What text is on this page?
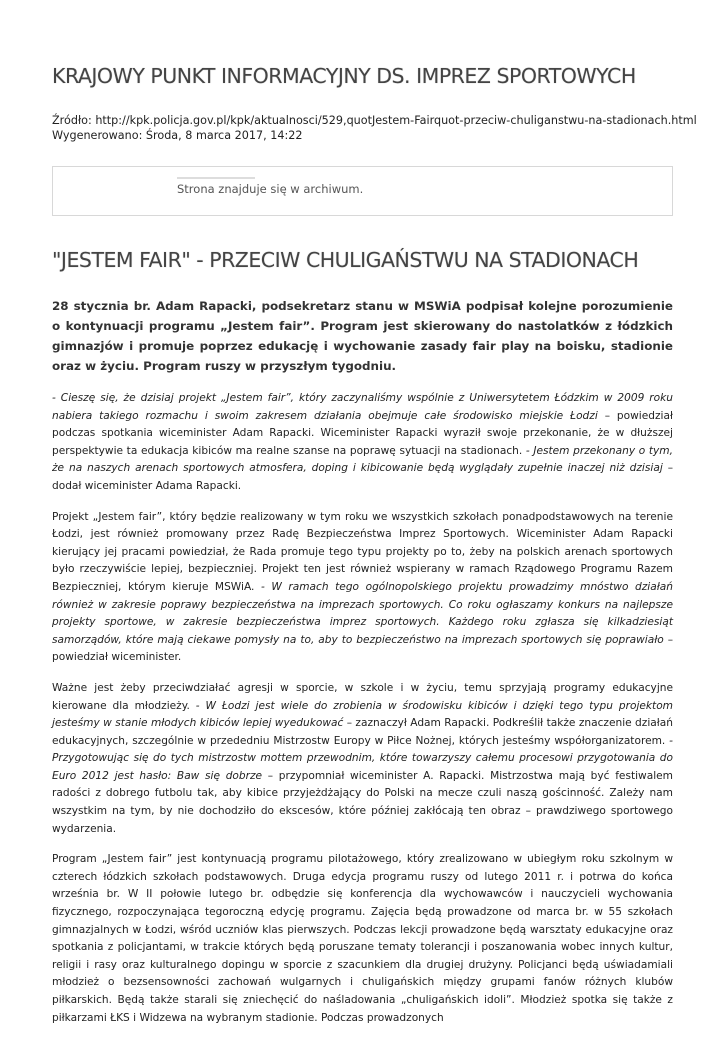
KRAJOWY PUNKT INFORMACYJNY DS. IMPREZ SPORTOWYCH
Źródło: http://kpk.policja.gov.pl/kpk/aktualnosci/529,quotJestem-Fairquot-przeciw-chuliganstwu-na-stadionach.html
Wygenerowano: Środa, 8 marca 2017, 14:22
Strona znajduje się w archiwum.
"JESTEM FAIR" - PRZECIW CHULIGAŃSTWU NA STADIONACH

28 stycznia br. Adam Rapacki, podsekretarz stanu w MSWiA podpisał kolejne porozumienie o kontynuacji programu „Jestem fair”. Program jest skierowany do nastolatków z łódzkich gimnazjów i promuje poprzez edukację i wychowanie zasady fair play na boisku, stadionie oraz w życiu. Program ruszy w przyszłym tygodniu.

- Cieszę się, że dzisiaj projekt „Jestem fair”, który zaczynaliśmy wspólnie z Uniwersytetem Łódzkim w 2009 roku nabiera takiego rozmachu i swoim zakresem działania obejmuje całe środowisko miejskie Łodzi – powiedział podczas spotkania wiceminister Adam Rapacki. Wiceminister Rapacki wyraził swoje przekonanie, że w dłuższej perspektywie ta edukacja kibiców ma realne szanse na poprawę sytuacji na stadionach. - Jestem przekonany o tym, że na naszych arenach sportowych atmosfera, doping i kibicowanie będą wyglądały zupełnie inaczej niż dzisiaj – dodał wiceminister Adama Rapacki.

Projekt „Jestem fair”, który będzie realizowany w tym roku we wszystkich szkołach ponadpodstawowych na terenie Łodzi, jest również promowany przez Radę Bezpieczeństwa Imprez Sportowych. Wiceminister Adam Rapacki kierujący jej pracami powiedział, że Rada promuje tego typu projekty po to, żeby na polskich arenach sportowych było rzeczywiście lepiej, bezpieczniej. Projekt ten jest również wspierany w ramach Rządowego Programu Razem Bezpieczniej, którym kieruje MSWiA. - W ramach tego ogólnopolskiego projektu prowadzimy mnóstwo działań również w zakresie poprawy bezpieczeństwa na imprezach sportowych. Co roku ogłaszamy konkurs na najlepsze projekty sportowe, w zakresie bezpieczeństwa imprez sportowych. Każdego roku zgłasza się kilkadziesiąt samorządów, które mają ciekawe pomysły na to, aby to bezpieczeństwo na imprezach sportowych się poprawiało – powiedział wiceminister.

Ważne jest żeby przeciwdziałać agresji w sporcie, w szkole i w życiu, temu sprzyjają programy edukacyjne kierowane dla młodzieży. - W Łodzi jest wiele do zrobienia w środowisku kibiców i dzięki tego typu projektom jesteśmy w stanie młodych kibiców lepiej wyedukować – zaznaczył Adam Rapacki. Podkreślił także znaczenie działań edukacyjnych, szczególnie w przededniu Mistrzostw Europy w Piłce Nożnej, których jesteśmy współorganizatorem. - Przygotowując się do tych mistrzostw mottem przewodnim, które towarzyszy całemu procesowi przygotowania do Euro 2012 jest hasło: Baw się dobrze – przypomniał wiceminister A. Rapacki. Mistrzostwa mają być festiwalem radości z dobrego futbolu tak, aby kibice przyjeżdżający do Polski na mecze czuli naszą gościnność. Zależy nam wszystkim na tym, by nie dochodziło do ekscesów, które później zakłócają ten obraz – prawdziwego sportowego wydarzenia.

Program „Jestem fair” jest kontynuacją programu pilotażowego, który zrealizowano w ubiegłym roku szkolnym w czterech łódzkich szkołach podstawowych. Druga edycja programu ruszy od lutego 2011 r. i potrwa do końca września br. W II połowie lutego br. odbędzie się konferencja dla wychowawców i nauczycieli wychowania fizycznego, rozpoczynająca tegoroczną edycję programu. Zajęcia będą prowadzone od marca br. w 55 szkołach gimnazjalnych w Łodzi, wśród uczniów klas pierwszych. Podczas lekcji prowadzone będą warsztaty edukacyjne oraz spotkania z policjantami, w trakcie których będą poruszane tematy tolerancji i poszanowania wobec innych kultur, religii i rasy oraz kulturalnego dopingu w sporcie z szacunkiem dla drugiej drużyny. Policjanci będą uświadamiali młodzież o bezsensowności zachowań wulgarnych i chuligańskich między grupami fanów różnych klubów piłkarskich. Będą także starali się zniechęcić do naśladowania „chuligańskich idoli”. Młodzież spotka się także z piłkarzami ŁKS i Widzewa na wybranym stadionie. Podczas prowadzonych
